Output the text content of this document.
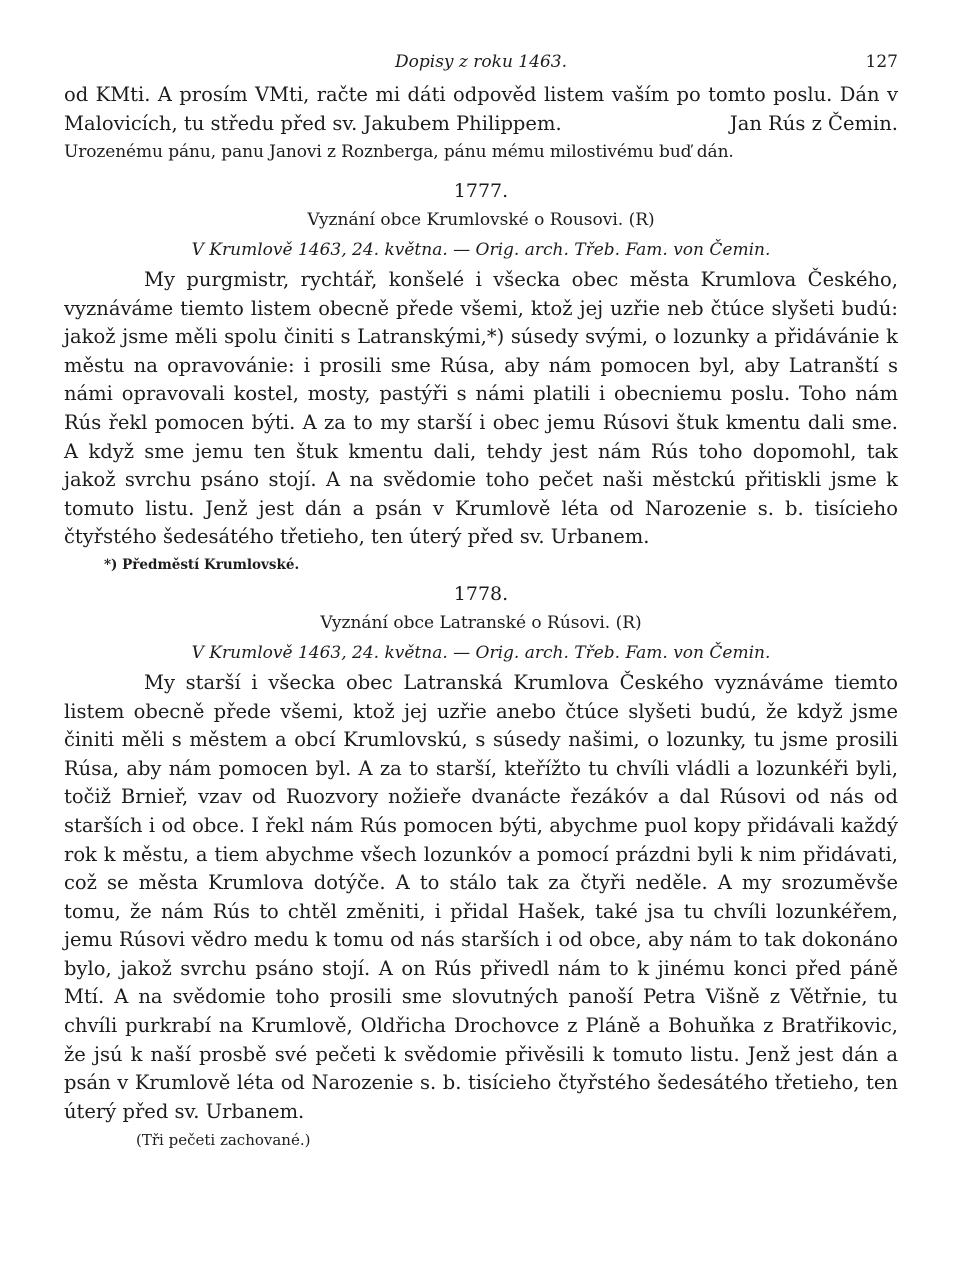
Dopisy z roku 1463.	127

od KMti. A prosím VMti, račte mi dáti odpověd listem vaším po tomto poslu. Dán v Malovicích, tu středu před sv. Jakubem Philippem.	Jan Rús z Čemin.

Urozenému pánu, panu Janovi z Roznberga, pánu mému milostivému buď dán.

1777.
Vyznání obce Krumlovské o Rousovi. (R)
V Krumlově 1463, 24. května. — Orig. arch. Třeb. Fam. von Čemin.

My purgmistr, rychtář, konšelé i všecka obec města Krumlova Českého, vyznáváme tiemto listem obecně přede všemi, ktož jej uzřie neb čtúce slyšeti budú: jakož jsme měli spolu činiti s Latranskými,*) súsedy svými, o lozunky a přidávánie k městu na opravovánie: i prosili sme Rúsa, aby nám pomocen byl, aby Latranští s námi opravovali kostel, mosty, pastýři s námi platili i obecniemu poslu. Toho nám Rús řekl pomocen býti. A za to my starší i obec jemu Rúsovi štuk kmentu dali sme. A když sme jemu ten štuk kmentu dali, tehdy jest nám Rús toho dopomohl, tak jakož svrchu psáno stojí. A na svědomie toho pečet naši městckú přitiskli jsme k tomuto listu. Jenž jest dán a psán v Krumlově léta od Narozenie s. b. tisícieho čtyřstého šedesátého třetieho, ten úterý před sv. Urbanem.

*) Předměstí Krumlovské.
1778.
Vyznání obce Latranské o Rúsovi. (R)
V Krumlově 1463, 24. května. — Orig. arch. Třeb. Fam. von Čemin.

My starší i všecka obec Latranská Krumlova Českého vyznáváme tiemto listem obecně přede všemi, ktož jej uzřie anebo čtúce slyšeti budú, že když jsme činiti měli s městem a obcí Krumlovskú, s súsedy našimi, o lozunky, tu jsme prosili Rúsa, aby nám pomocen byl. A za to starší, kteřížto tu chvíli vládli a lozunkéři byli, točiž Brnieř, vzav od Ruozvory nožieře dvanácte řezákóv a dal Rúsovi od nás od starších i od obce. I řekl nám Rús pomocen býti, abychme puol kopy přidávali každý rok k městu, a tiem abychme všech lozunkóv a pomocí prázdni byli k nim přidávati, což se města Krumlova dotýče. A to stálo tak za čtyři neděle. A my srozuměvše tomu, že nám Rús to chtěl změniti, i přidal Hašek, také jsa tu chvíli lozunkéřem, jemu Rúsovi vědro medu k tomu od nás starších i od obce, aby nám to tak dokonáno bylo, jakož svrchu psáno stojí. A on Rús přivedl nám to k jinému konci před páně Mtí. A na svědomie toho prosili sme slovutných panoší Petra Višně z Větřnie, tu chvíli purkrabí na Krumlově, Oldřicha Drochovce z Pláně a Bohuňka z Bratřikovic, že jsú k naší prosbě své pečeti k svědomie přivěsili k tomuto listu. Jenž jest dán a psán v Krumlově léta od Narozenie s. b. tisícieho čtyřstého šedesátého třetieho, ten úterý před sv. Urbanem.

(Tři pečeti zachované.)
